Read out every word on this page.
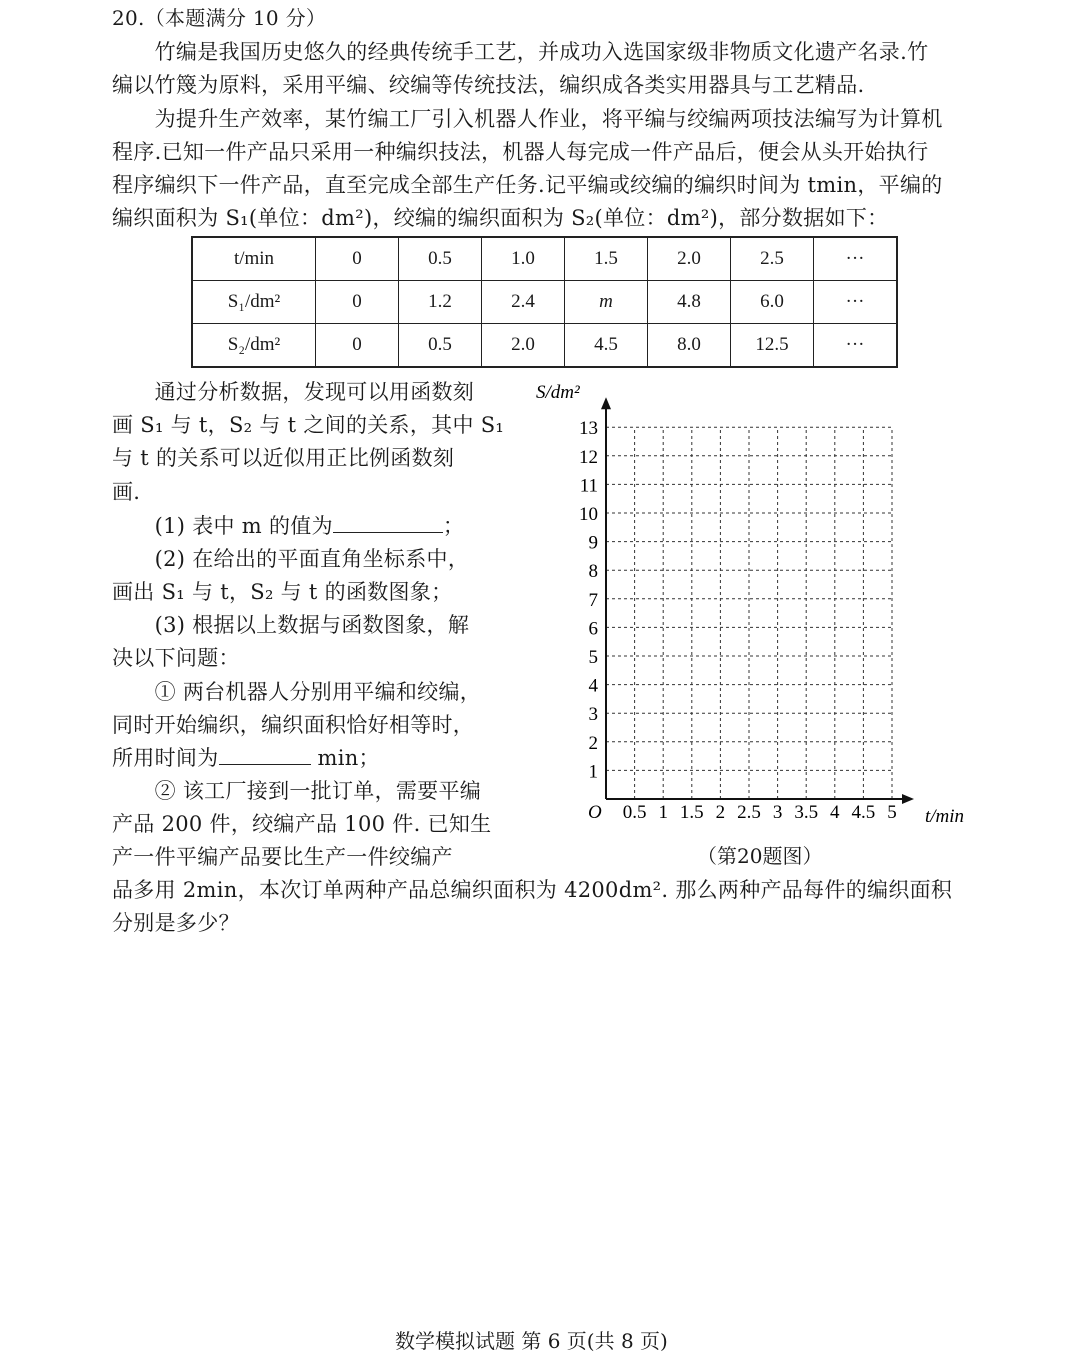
20.（本题满分 10 分）
　　竹编是我国历史悠久的经典传统手工艺，并成功入选国家级非物质文化遗产名录.竹
编以竹篾为原料，采用平编、绞编等传统技法，编织成各类实用器具与工艺精品.
　　为提升生产效率，某竹编工厂引入机器人作业，将平编与绞编两项技法编写为计算机
程序.已知一件产品只采用一种编织技法，机器人每完成一件产品后，便会从头开始执行
程序编织下一件产品，直至完成全部生产任务.记平编或绞编的编织时间为 tmin，平编的
编织面积为 S₁(单位：dm²)，绞编的编织面积为 S₂(单位：dm²)，部分数据如下：
t/min	0	0.5	1.0	1.5	2.0	2.5	···
S₁/dm²	0	1.2	2.4	m	4.8	6.0	···
S₂/dm²	0	0.5	2.0	4.5	8.0	12.5	···
　　通过分析数据，发现可以用函数刻
画 S₁ 与 t，S₂ 与 t 之间的关系，其中 S₁
与 t 的关系可以近似用正比例函数刻
画.
　　(1) 表中 m 的值为	；
　　(2) 在给出的平面直角坐标系中，
画出 S₁ 与 t，S₂ 与 t 的函数图象；
　　(3) 根据以上数据与函数图象，解
决以下问题：
　　① 两台机器人分别用平编和绞编，
同时开始编织，编织面积恰好相等时，
所用时间为	min；
　　② 该工厂接到一批订单，需要平编
产品 200 件，绞编产品 100 件. 已知生
产一件平编产品要比生产一件绞编产
品多用 2min，本次订单两种产品总编织面积为 4200dm². 那么两种产品每件的编织面积
分别是多少？
1
2
3
4
5
6
7
8
9
10
11
12
13
0.5 1 1.5 2 2.5 3 3.5 4 4.5 5
S/dm²
t/min
O
（第20题图）
数学模拟试题 第 6 页(共 8 页)
